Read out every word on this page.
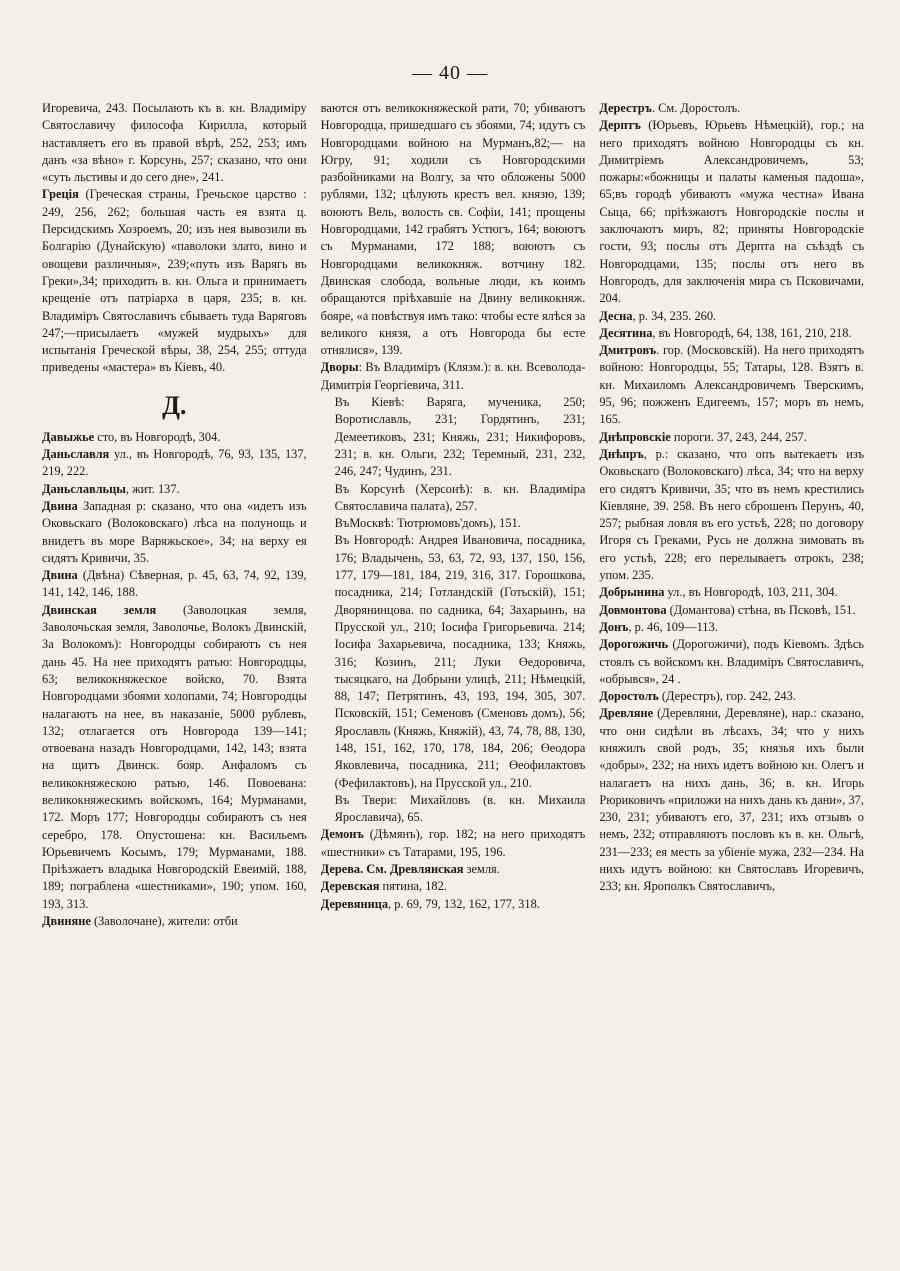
— 40 —

Игоревича, 243. Посылають къ в. кн. Владиміру Святославичу философа Кирилла, который наставляетъ его въ правой вѣрѣ, 252, 253; имъ данъ «за вѣно» г. Корсунь, 257; сказано, что они «суть льстивы и до сего дне», 241.

Греція (Греческая страны, Гречьское царство : 249, 256, 262; большая часть ея взята ц. Персидскимъ Хозроемъ, 20; изъ нея вывозили въ Болгарію (Дунайскую) «паволоки злато, вино и овощеви различныя», 239;«путь изъ Варягь въ Греки»,34; приходить в. кн. Ольга и принимаетъ крещеніе отъ патріарха в царя, 235; в. кн. Владиміръ Святославичъ сбываеть туда Варяговъ 247;—присылаетъ «мужей мудрыхъ» для испытанія Греческой вѣры, 38, 254, 255; оттуда приведены «мастера» въ Кіевъ, 40.

Д.

Давыжье сто, въ Новгородѣ, 304.

Даньславля ул., въ Новгородѣ, 76, 93, 135, 137, 219, 222.

Даньславльцы, жит. 137.

Двина Западная р: сказано, что она «идетъ изъ Оковьскаго (Волоковскаго) лѣса на полунощь и внидетъ въ море Варяжьское», 34; на верху ея сидятъ Кривичи, 35.

Двина (Двѣна) Сѣверная, р. 45, 63, 74, 92, 139, 141, 142, 146, 188.

Двинская земля (Заволоцкая земля, Заволочьская земля, Заволочье, Волокъ Двинскій, За Волокомъ): Новгородцы собираютъ съ нея дань 45. На нее приходятъ ратью: Новгородцы, 63; великокняжеское войско, 70. Взята Новгородцами збоями холопами, 74; Новгородцы налагаютъ на нее, въ наказаніе, 5000 рублевъ, 132; отлагается отъ Новгорода 139—141; отвоевана назадъ Новгородцами, 142, 143; взята на щитъ Двинск. бояр. Анфаломъ съ великокняжескою ратью, 146. Повоевана: великокняжескимъ войскомъ, 164; Мурманами, 172. Моръ 177; Новгородцы собираютъ съ нея серебро, 178. Опустошена: кн. Васильемъ Юрьевичемъ Косымъ, 179; Мурманами, 188. Пріѣзжаетъ владыка Новгородскій Евеимій, 188, 189; пограблена «шестниками», 190; упом. 160, 193, 313.

Двиняне (Заволочане), жители: отби

ваются отъ великокняжеской рати, 70; убиваютъ Новгородца, пришедшаго съ збоями, 74; идутъ съ Новгородцами войною на Мурманъ,82;— на Югру, 91; ходили съ Новгородскими разбойниками на Волгу, за что обложены 5000 рублями, 132; цѣлують крестъ вел. князю, 139; воюютъ Вель, волость св. Софіи, 141; прощены Новгородцами, 142 грабятъ Устюгъ, 164; воюютъ съ Мурманами, 172 188; воюютъ съ Новгородцами великокняж. вотчину 182. Двинская слобода, вольные люди, къ коимъ обращаются пріѣхавшіе на Двину великокняж. бояре, «а повѣствуя имъ тако: чтобы есте ялѣся за великого князя, а отъ Новгорода бы есте отнялися», 139.

Дворы: Въ Владиміръ (Клязм.): в. кн. Всеволода-Димитрія Георгіевича, 311.

Въ Кіевѣ: Варяга, мученика, 250; Воротиславль, 231; Гордятинъ, 231; Демеетиковъ, 231; Княжь, 231; Никифоровъ, 231; в. кн. Ольги, 232; Теремный, 231, 232, 246, 247; Чудинъ, 231.

Въ Корсунѣ (Херсонѣ): в. кн. Владиміра Святославича палата), 257.

ВъМосквѣ: Тютрюмовъ'домъ), 151.

Въ Новгородѣ: Андрея Ивановича, посадника, 176; Владычень, 53, 63, 72, 93, 137, 150, 156, 177, 179—181, 184, 219, 316, 317. Горошкова, посадника, 214; Готландскій (Готьскій), 151; Дворянинцова. по садника, 64; Захарьинъ, на Прусской ул., 210; Іосифа Григорьевича. 214; Іосифа Захарьевича, посадника, 133; Княжь, 316; Козинъ, 211; Луки Өедоровича, тысяцкаго, на Добрыни улицѣ, 211; Нѣмецкій, 88, 147; Петрятинъ, 43, 193, 194, 305, 307. Псковскій, 151; Семеновъ (Сменовъ домъ), 56; Ярославль (Княжь, Княжій), 43, 74, 78, 88, 130, 148, 151, 162, 170, 178, 184, 206; Өеодора Яковлевича, посадника, 211; Өеофилактовъ (Фефилактовъ), на Прусской ул., 210.

Въ Твери: Михайловъ (в. кн. Михаила Ярославича), 65.

Демонъ (Дѣмянъ), гор. 182; на него приходятъ «шестники» съ Татарами, 195, 196.

Дерева. См. Древлянская земля.

Деревская пятина, 182.

Деревяница, р. 69, 79, 132, 162, 177, 318.

Дерестръ. См. Доростолъ.

Дерптъ (Юрьевъ, Юрьевъ Нѣмецкій), гор.; на него приходятъ войною Новгородцы съ кн. Димитріемъ Александровичемъ, 53; пожары:«божницы и палаты каменыя падоша», 65;въ городѣ убиваютъ «мужа честна» Ивана Сыца, 66; пріѣзжаютъ Новгородскіе послы и заключаютъ миръ, 82; приняты Новгородскіе гости, 93; послы отъ Дерпта на съѣздѣ съ Новгородцами, 135; послы отъ него въ Новгородъ, для заключенія мира съ Псковичами, 204.

Десна, р. 34, 235. 260.

Десятина, въ Новгородѣ, 64, 138, 161, 210, 218.

Дмитровъ. гор. (Московскій). На него приходятъ войною: Новгородцы, 55; Татары, 128. Взятъ в. кн. Михаиломъ Александровичемъ Тверскимъ, 95, 96; пожженъ Едигеемъ, 157; моръ въ немъ, 165.

Днѣпровскіе пороги. 37, 243, 244, 257.

Днѣпръ, р.: сказано, что опъ вытекаетъ изъ Оковьскаго (Волоковскаго) лѣса, 34; что на верху его сидятъ Кривичи, 35; что въ немъ крестились Кіевляне, 39. 258. Въ него сброшенъ Перунъ, 40, 257; рыбная ловля въ его устьѣ, 228; по договору Игоря съ Греками, Русь не должна зимовать въ его устьѣ, 228; его перелываетъ отрокъ, 238; упом. 235.

Добрынина ул., въ Новгородѣ, 103, 211, 304.

Довмонтова (Домантова) стѣна, въ Псковѣ, 151.

Донъ, р. 46, 109—113.

Дорогожичь (Дорогожичи), подъ Кіевомъ. Здѣсь стоялъ съ войскомъ кн. Владиміръ Святославичъ, «обрывся», 24 .

Доростолъ (Дерестръ), гор. 242, 243.

Древляне (Деревляни, Деревляне), нар.: сказано, что они сидѣли въ лѣсахъ, 34; что у нихъ княжилъ свой родъ, 35; князья ихъ были «добры», 232; на нихъ идетъ войною кн. Олегъ и налагаетъ на нихъ дань, 36; в. кн. Игорь Рюриковичъ «приложи на нихъ дань къ дани», 37, 230, 231; убиваютъ его, 37, 231; ихъ отзывъ о немъ, 232; отправляютъ пословъ къ в. кн. Ольгѣ, 231—233; ея месть за убіеніе мужа, 232—234. На нихъ идутъ войною: кн Святославъ Игоревичъ, 233; кн. Ярополкъ Святославичъ,
